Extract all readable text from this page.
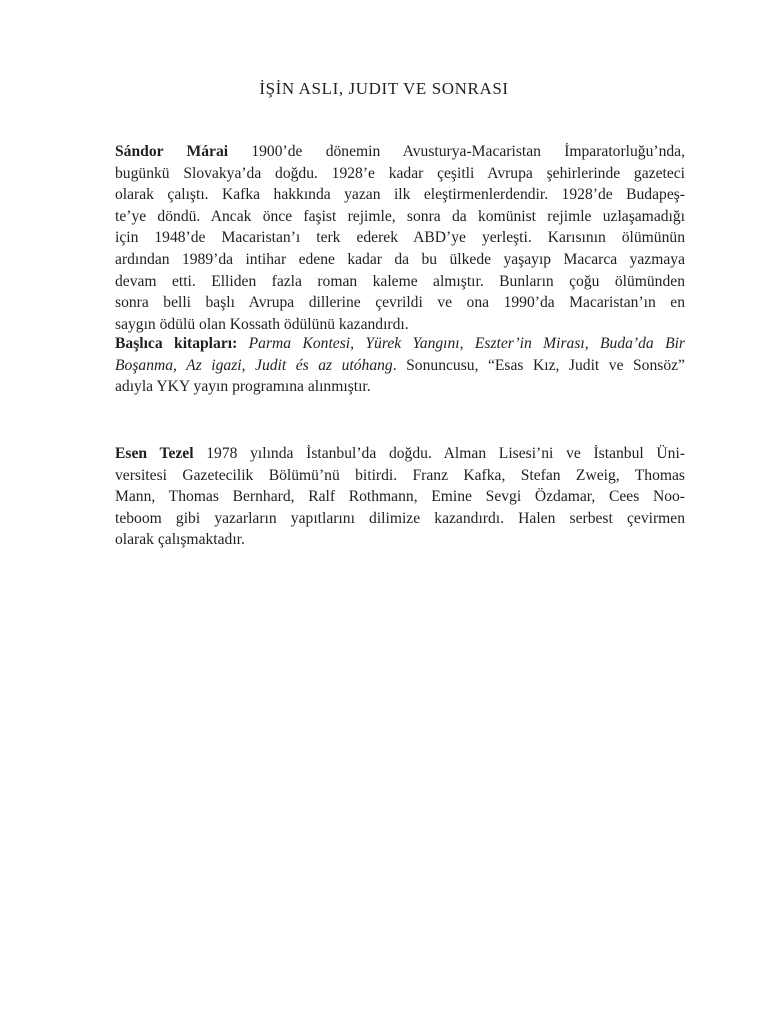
İŞİN ASLI, JUDIT VE SONRASI
Sándor Márai 1900’de dönemin Avusturya-Macaristan İmparatorluğu’nda,
bugünkü Slovakya’da doğdu. 1928’e kadar çeşitli Avrupa şehirlerinde gazeteci
olarak çalıştı. Kafka hakkında yazan ilk eleştirmenlerdendir. 1928’de Budapeş-
te’ye döndü. Ancak önce faşist rejimle, sonra da komünist rejimle uzlaşamadığı
için 1948’de Macaristan’ı terk ederek ABD’ye yerleşti. Karısının ölümünün
ardından 1989’da intihar edene kadar da bu ülkede yaşayıp Macarca yazmaya
devam etti. Elliden fazla roman kaleme almıştır. Bunların çoğu ölümünden
sonra belli başlı Avrupa dillerine çevrildi ve ona 1990’da Macaristan’ın en
saygın ödülü olan Kossath ödülünü kazandırdı.
Başlıca kitapları: Parma Kontesi, Yürek Yangını, Eszter’in Mirası, Buda’da Bir
Boşanma, Az igazi, Judit és az utóhang. Sonuncusu, “Esas Kız, Judit ve Sonsöz”
adıyla YKY yayın programına alınmıştır.
Esen Tezel 1978 yılında İstanbul’da doğdu. Alman Lisesi’ni ve İstanbul Üni-
versitesi Gazetecilik Bölümü’nü bitirdi. Franz Kafka, Stefan Zweig, Thomas
Mann, Thomas Bernhard, Ralf Rothmann, Emine Sevgi Özdamar, Cees Noo-
teboom gibi yazarların yapıtlarını dilimize kazandırdı. Halen serbest çevirmen
olarak çalışmaktadır.
